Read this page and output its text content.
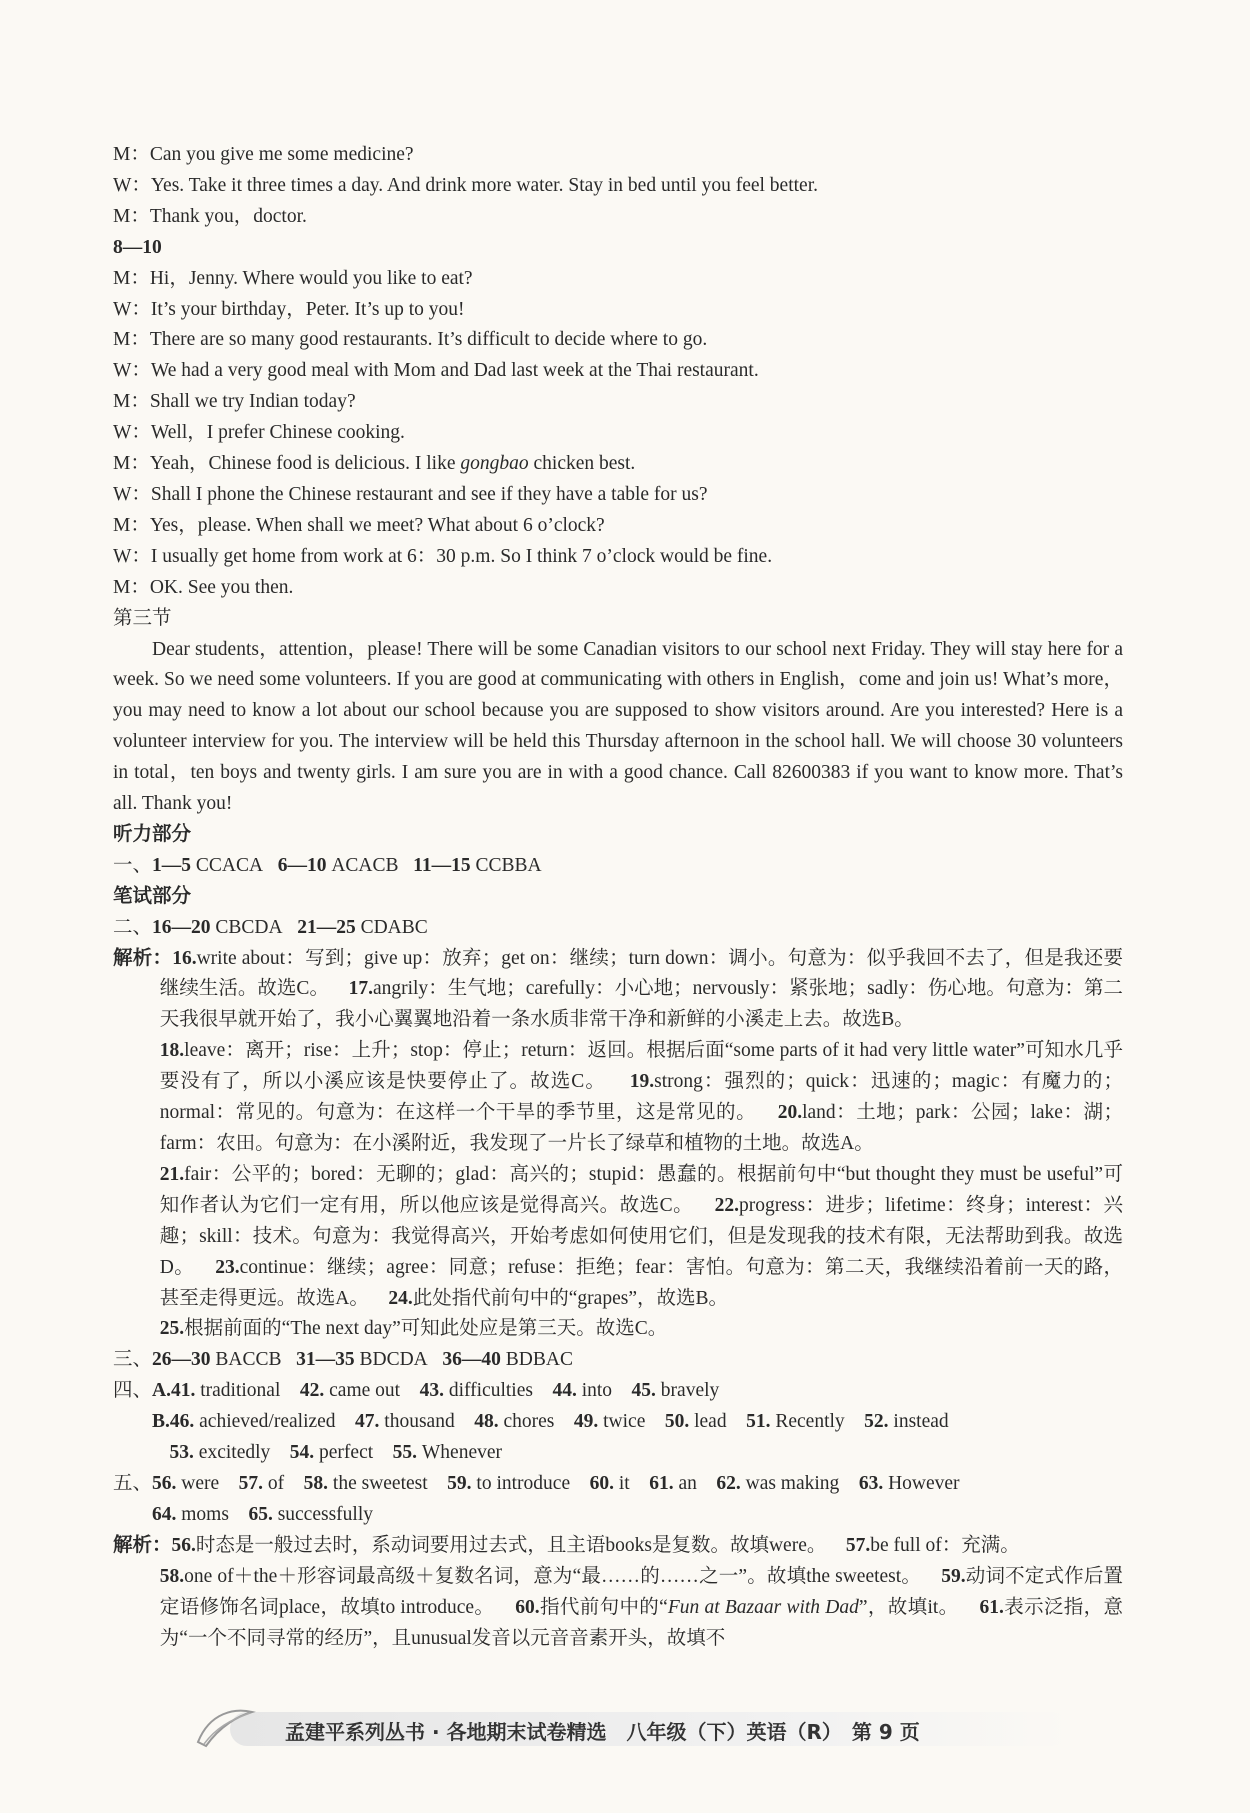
M：Can you give me some medicine?
W：Yes. Take it three times a day. And drink more water. Stay in bed until you feel better.
M：Thank you，doctor.
8—10
M：Hi，Jenny. Where would you like to eat?
W：It’s your birthday，Peter. It’s up to you!
M：There are so many good restaurants. It’s difficult to decide where to go.
W：We had a very good meal with Mom and Dad last week at the Thai restaurant.
M：Shall we try Indian today?
W：Well，I prefer Chinese cooking.
M：Yeah，Chinese food is delicious. I like gongbao chicken best.
W：Shall I phone the Chinese restaurant and see if they have a table for us?
M：Yes，please. When shall we meet? What about 6 o’clock?
W：I usually get home from work at 6：30 p.m. So I think 7 o’clock would be fine.
M：OK. See you then.
第三节
Dear students，attention，please! There will be some Canadian visitors to our school next Friday. They will stay here for a week. So we need some volunteers. If you are good at communicating with others in English，come and join us! What’s more，you may need to know a lot about our school because you are supposed to show visitors around. Are you interested? Here is a volunteer interview for you. The interview will be held this Thursday afternoon in the school hall. We will choose 30 volunteers in total，ten boys and twenty girls. I am sure you are in with a good chance. Call 82600383 if you want to know more. That’s all. Thank you!
听力部分
一、1—5 CCACA 6—10 ACACB 11—15 CCBBA
笔试部分
二、16—20 CBCDA 21—25 CDABC
解析：16.write about：写到；give up：放弃；get on：继续；turn down：调小。句意为：似乎我回不去了，但是我还要继续生活。故选C。 17.angrily：生气地；carefully：小心地；nervously：紧张地；sadly：伤心地。句意为：第二天我很早就开始了，我小心翼翼地沿着一条水质非常干净和新鲜的小溪走上去。故选B。
18.leave：离开；rise：上升；stop：停止；return：返回。根据后面“some parts of it had very little water”可知水几乎要没有了，所以小溪应该是快要停止了。故选C。 19.strong：强烈的；quick：迅速的；magic：有魔力的；normal：常见的。句意为：在这样一个干旱的季节里，这是常见的。 20.land：土地；park：公园；lake：湖；farm：农田。句意为：在小溪附近，我发现了一片长了绿草和植物的土地。故选A。
21.fair：公平的；bored：无聊的；glad：高兴的；stupid：愚蠢的。根据前句中“but thought they must be useful”可知作者认为它们一定有用，所以他应该是觉得高兴。故选C。 22.progress：进步；lifetime：终身；interest：兴趣；skill：技术。句意为：我觉得高兴，开始考虑如何使用它们，但是发现我的技术有限，无法帮助到我。故选D。 23.continue：继续；agree：同意；refuse：拒绝；fear：害怕。句意为：第二天，我继续沿着前一天的路，甚至走得更远。故选A。 24.此处指代前句中的“grapes”，故选B。
25.根据前面的“The next day”可知此处应是第三天。故选C。
三、26—30 BACCB 31—35 BDCDA 36—40 BDBAC
四、A.41. traditional 42. came out 43. difficulties 44. into 45. bravely
B.46. achieved/realized 47. thousand 48. chores 49. twice 50. lead 51. Recently 52. instead
53. excitedly 54. perfect 55. Whenever
五、56. were 57. of 58. the sweetest 59. to introduce 60. it 61. an 62. was making 63. However
64. moms 65. successfully
解析：56.时态是一般过去时，系动词要用过去式，且主语books是复数。故填were。 57.be full of：充满。
58.one of＋the＋形容词最高级＋复数名词，意为“最……的……之一”。故填the sweetest。 59.动词不定式作后置定语修饰名词place，故填to introduce。 60.指代前句中的“Fun at Bazaar with Dad”，故填it。 61.表示泛指，意为“一个不同寻常的经历”，且unusual发音以元音音素开头，故填不
孟建平系列丛书 · 各地期末试卷精选　八年级（下）英语（R）　第 9 页
